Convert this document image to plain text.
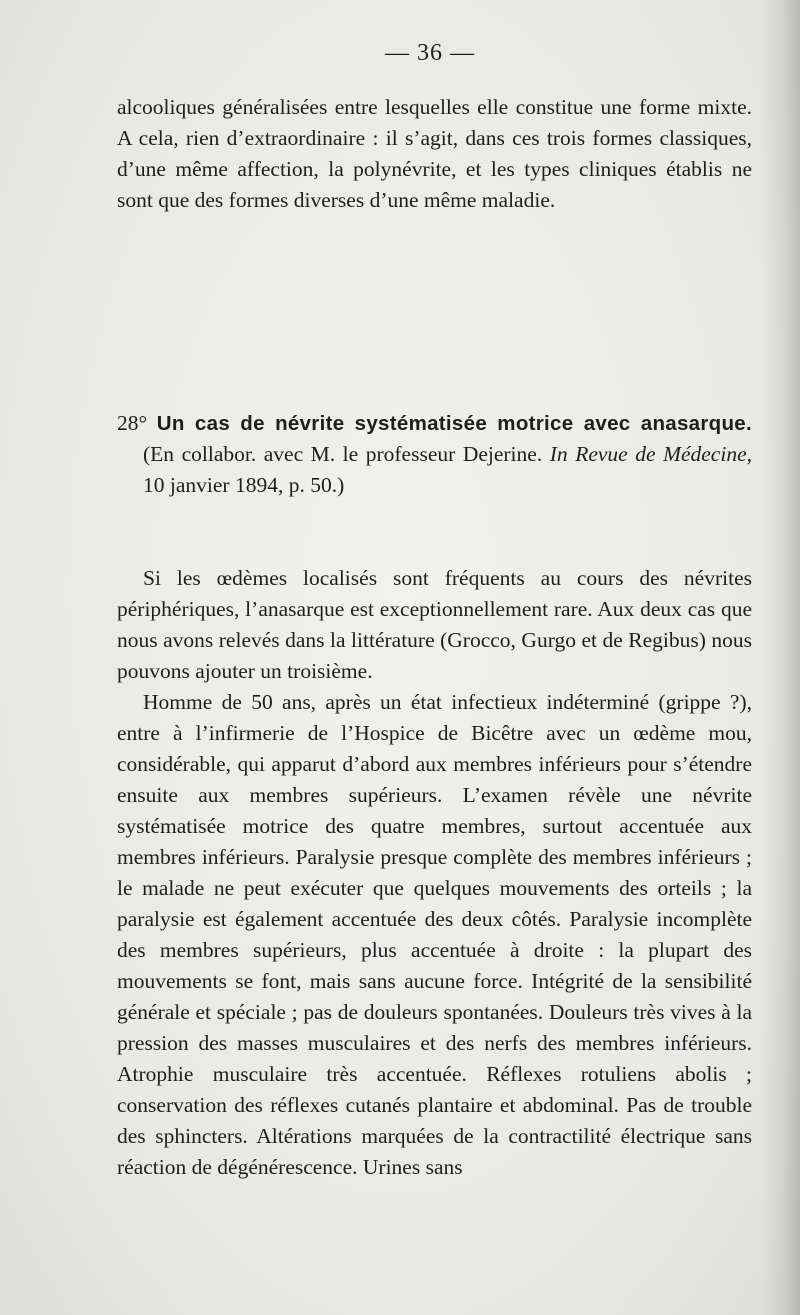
— 36 —

alcooliques généralisées entre lesquelles elle constitue une forme mixte. A cela, rien d’extraordinaire : il s’agit, dans ces trois formes classiques, d’une même affection, la polynévrite, et les types cliniques établis ne sont que des formes diverses d’une même maladie.

28° Un cas de névrite systématisée motrice avec anasarque. (En collabor. avec M. le professeur Dejerine. In Revue de Médecine, 10 janvier 1894, p. 50.)

Si les œdèmes localisés sont fréquents au cours des névrites périphériques, l’anasarque est exceptionnellement rare. Aux deux cas que nous avons relevés dans la littérature (Grocco, Gurgo et de Regibus) nous pouvons ajouter un troisième.

Homme de 50 ans, après un état infectieux indéterminé (grippe ?), entre à l’infirmerie de l’Hospice de Bicêtre avec un œdème mou, considérable, qui apparut d’abord aux membres inférieurs pour s’étendre ensuite aux membres supérieurs. L’examen révèle une névrite systématisée motrice des quatre membres, surtout accentuée aux membres inférieurs. Paralysie presque complète des membres inférieurs ; le malade ne peut exécuter que quelques mouvements des orteils ; la paralysie est également accentuée des deux côtés. Paralysie incomplète des membres supérieurs, plus accentuée à droite : la plupart des mouvements se font, mais sans aucune force. Intégrité de la sensibilité générale et spéciale ; pas de douleurs spontanées. Douleurs très vives à la pression des masses musculaires et des nerfs des membres inférieurs. Atrophie musculaire très accentuée. Réflexes rotuliens abolis ; conservation des réflexes cutanés plantaire et abdominal. Pas de trouble des sphincters. Altérations marquées de la contractilité électrique sans réaction de dégénérescence. Urines sans
